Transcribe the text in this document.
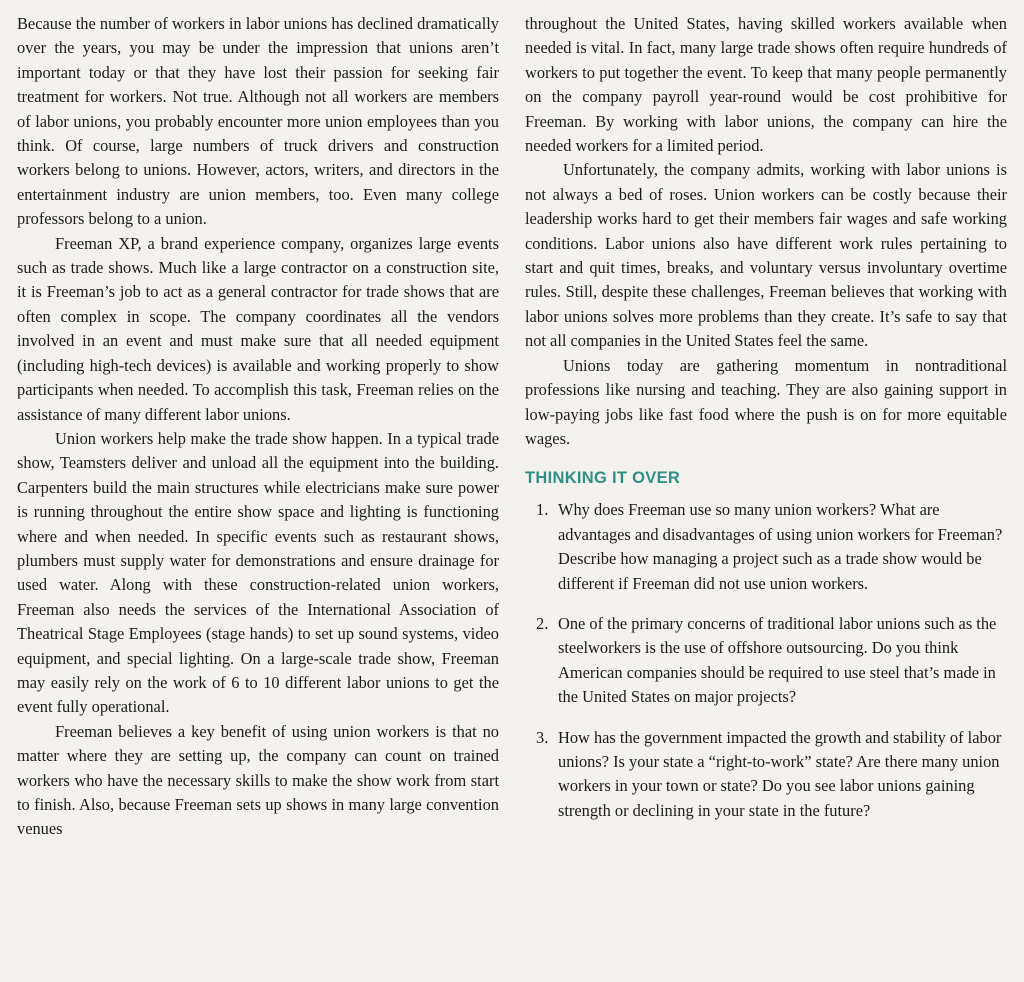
Because the number of workers in labor unions has declined dramatically over the years, you may be under the impression that unions aren’t important today or that they have lost their passion for seeking fair treatment for workers. Not true. Although not all workers are members of labor unions, you probably encounter more union employees than you think. Of course, large numbers of truck drivers and construction workers belong to unions. However, actors, writers, and directors in the entertainment industry are union members, too. Even many college professors belong to a union.

Freeman XP, a brand experience company, organizes large events such as trade shows. Much like a large contractor on a construction site, it is Freeman’s job to act as a general contractor for trade shows that are often complex in scope. The company coordinates all the vendors involved in an event and must make sure that all needed equipment (including high-tech devices) is available and working properly to show participants when needed. To accomplish this task, Freeman relies on the assistance of many different labor unions.

Union workers help make the trade show happen. In a typical trade show, Teamsters deliver and unload all the equipment into the building. Carpenters build the main structures while electricians make sure power is running throughout the entire show space and lighting is functioning where and when needed. In specific events such as restaurant shows, plumbers must supply water for demonstrations and ensure drainage for used water. Along with these construction-related union workers, Freeman also needs the services of the International Association of Theatrical Stage Employees (stage hands) to set up sound systems, video equipment, and special lighting. On a large-scale trade show, Freeman may easily rely on the work of 6 to 10 different labor unions to get the event fully operational.

Freeman believes a key benefit of using union workers is that no matter where they are setting up, the company can count on trained workers who have the necessary skills to make the show work from start to finish. Also, because Freeman sets up shows in many large convention venues

throughout the United States, having skilled workers available when needed is vital. In fact, many large trade shows often require hundreds of workers to put together the event. To keep that many people permanently on the company payroll year-round would be cost prohibitive for Freeman. By working with labor unions, the company can hire the needed workers for a limited period.

Unfortunately, the company admits, working with labor unions is not always a bed of roses. Union workers can be costly because their leadership works hard to get their members fair wages and safe working conditions. Labor unions also have different work rules pertaining to start and quit times, breaks, and voluntary versus involuntary overtime rules. Still, despite these challenges, Freeman believes that working with labor unions solves more problems than they create. It’s safe to say that not all companies in the United States feel the same.

Unions today are gathering momentum in nontraditional professions like nursing and teaching. They are also gaining support in low-paying jobs like fast food where the push is on for more equitable wages.

THINKING IT OVER
1. Why does Freeman use so many union workers? What are advantages and disadvantages of using union workers for Freeman? Describe how managing a project such as a trade show would be different if Freeman did not use union workers.
2. One of the primary concerns of traditional labor unions such as the steelworkers is the use of offshore outsourcing. Do you think American companies should be required to use steel that’s made in the United States on major projects?
3. How has the government impacted the growth and stability of labor unions? Is your state a “right-to-work” state? Are there many union workers in your town or state? Do you see labor unions gaining strength or declining in your state in the future?
